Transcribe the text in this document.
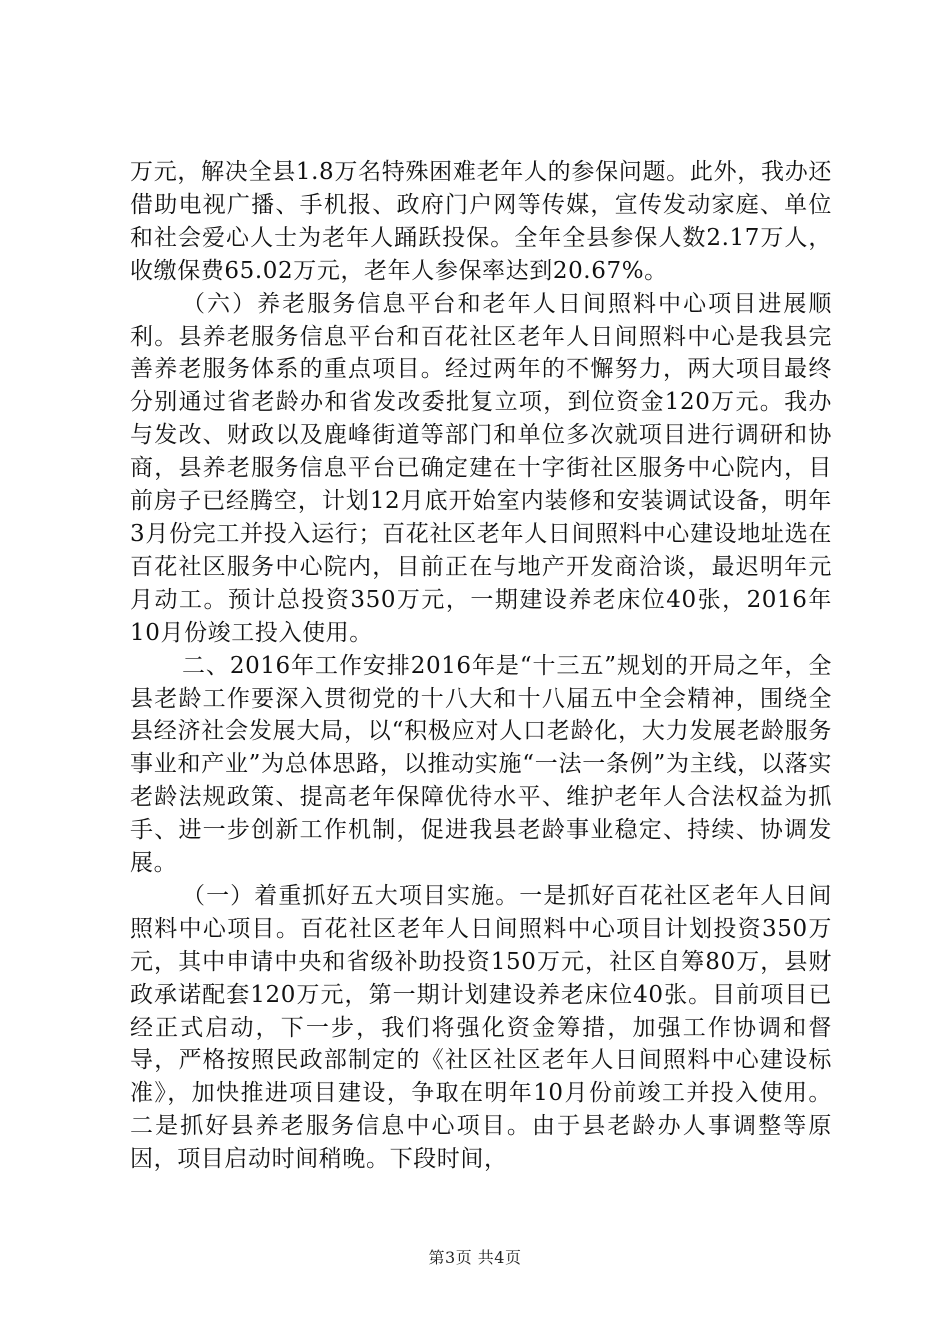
万元，解决全县1.8万名特殊困难老年人的参保问题。此外，我办还借助电视广播、手机报、政府门户网等传媒，宣传发动家庭、单位和社会爱心人士为老年人踊跃投保。全年全县参保人数2.17万人，收缴保费65.02万元，老年人参保率达到20.67%。

（六）养老服务信息平台和老年人日间照料中心项目进展顺利。县养老服务信息平台和百花社区老年人日间照料中心是我县完善养老服务体系的重点项目。经过两年的不懈努力，两大项目最终分别通过省老龄办和省发改委批复立项，到位资金120万元。我办与发改、财政以及鹿峰街道等部门和单位多次就项目进行调研和协商，县养老服务信息平台已确定建在十字街社区服务中心院内，目前房子已经腾空，计划12月底开始室内装修和安装调试设备，明年3月份完工并投入运行；百花社区老年人日间照料中心建设地址选在百花社区服务中心院内，目前正在与地产开发商洽谈，最迟明年元月动工。预计总投资350万元，一期建设养老床位40张，2016年10月份竣工投入使用。

二、2016年工作安排2016年是“十三五”规划的开局之年，全县老龄工作要深入贯彻党的十八大和十八届五中全会精神，围绕全县经济社会发展大局，以“积极应对人口老龄化，大力发展老龄服务事业和产业”为总体思路，以推动实施“一法一条例”为主线，以落实老龄法规政策、提高老年保障优待水平、维护老年人合法权益为抓手、进一步创新工作机制，促进我县老龄事业稳定、持续、协调发展。

（一）着重抓好五大项目实施。一是抓好百花社区老年人日间照料中心项目。百花社区老年人日间照料中心项目计划投资350万元，其中申请中央和省级补助投资150万元，社区自筹80万，县财政承诺配套120万元，第一期计划建设养老床位40张。目前项目已经正式启动，下一步，我们将强化资金筹措，加强工作协调和督导，严格按照民政部制定的《社区社区老年人日间照料中心建设标准》，加快推进项目建设，争取在明年10月份前竣工并投入使用。二是抓好县养老服务信息中心项目。由于县老龄办人事调整等原因，项目启动时间稍晚。下段时间，

第3页 共4页
